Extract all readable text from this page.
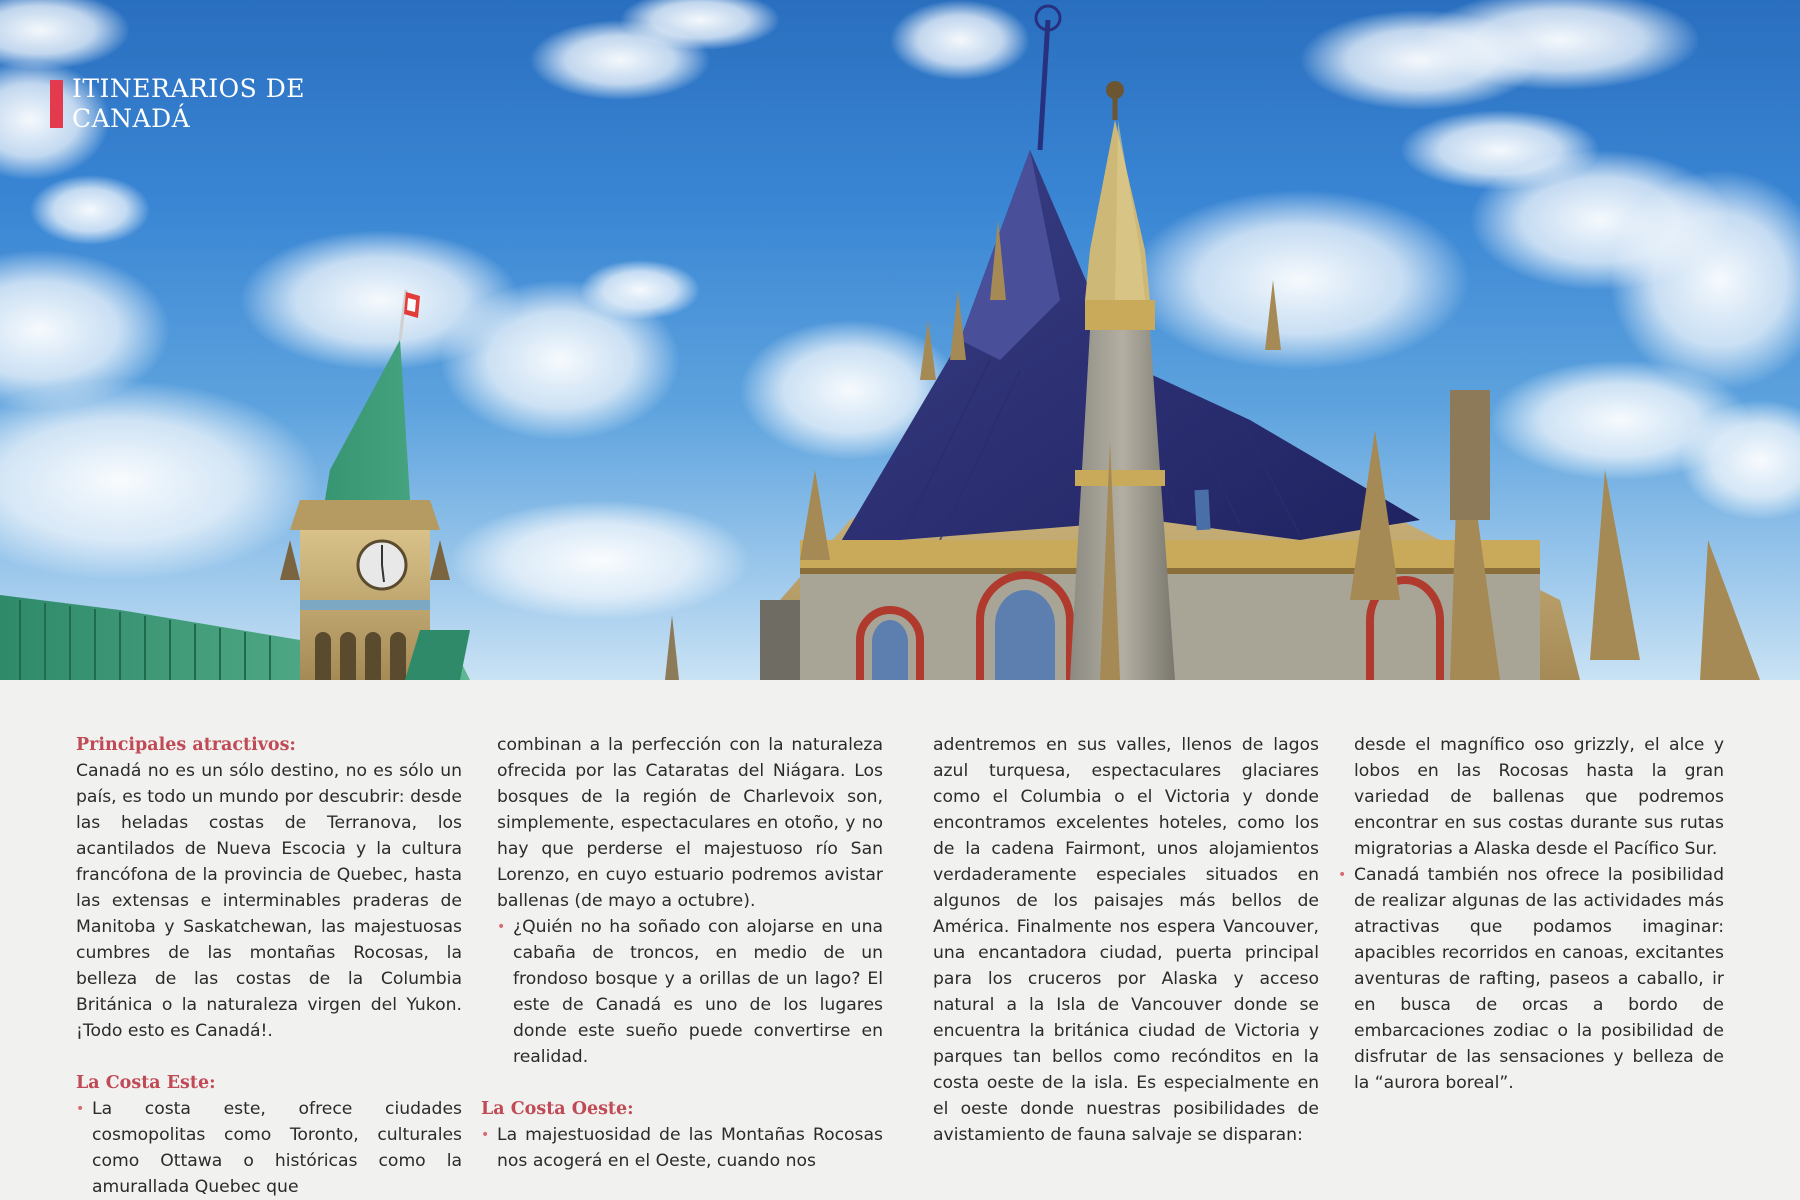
ITINERARIOS DE
CANADÁ

Principales atractivos:

Canadá no es un sólo destino, no es sólo un país, es todo un mundo por descubrir: desde las heladas costas de Terranova, los acantilados de Nueva Escocia y la cultura francófona de la provincia de Quebec, hasta las extensas e interminables praderas de Manitoba y Saskatchewan, las majestuosas cumbres de las montañas Rocosas, la belleza de las costas de la Columbia Británica o la naturaleza virgen del Yukon. ¡Todo esto es Canadá!.

La Costa Este:

• La costa este, ofrece ciudades cosmopolitas como Toronto, culturales como Ottawa o históricas como la amurallada Quebec que

combinan a la perfección con la naturaleza ofrecida por las Cataratas del Niágara. Los bosques de la región de Charlevoix son, simplemente, espectaculares en otoño, y no hay que perderse el majestuoso río San Lorenzo, en cuyo estuario podremos avistar ballenas (de mayo a octubre).

• ¿Quién no ha soñado con alojarse en una cabaña de troncos, en medio de un frondoso bosque y a orillas de un lago? El este de Canadá es uno de los lugares donde este sueño puede convertirse en realidad.

La Costa Oeste:

• La majestuosidad de las Montañas Rocosas nos acogerá en el Oeste, cuando nos

adentremos en sus valles, llenos de lagos azul turquesa, espectaculares glaciares como el Columbia o el Victoria y donde encontramos excelentes hoteles, como los de la cadena Fairmont, unos alojamientos verdaderamente especiales situados en algunos de los paisajes más bellos de América. Finalmente nos espera Vancouver, una encantadora ciudad, puerta principal para los cruceros por Alaska y acceso natural a la Isla de Vancouver donde se encuentra la británica ciudad de Victoria y parques tan bellos como recónditos en la costa oeste de la isla. Es especialmente en el oeste donde nuestras posibilidades de avistamiento de fauna salvaje se disparan:

desde el magnífico oso grizzly, el alce y lobos en las Rocosas hasta la gran variedad de ballenas que podremos encontrar en sus costas durante sus rutas migratorias a Alaska desde el Pacífico Sur.

• Canadá también nos ofrece la posibilidad de realizar algunas de las actividades más atractivas que podamos imaginar: apacibles recorridos en canoas, excitantes aventuras de rafting, paseos a caballo, ir en busca de orcas a bordo de embarcaciones zodiac o la posibilidad de disfrutar de las sensaciones y belleza de la “aurora boreal”.
